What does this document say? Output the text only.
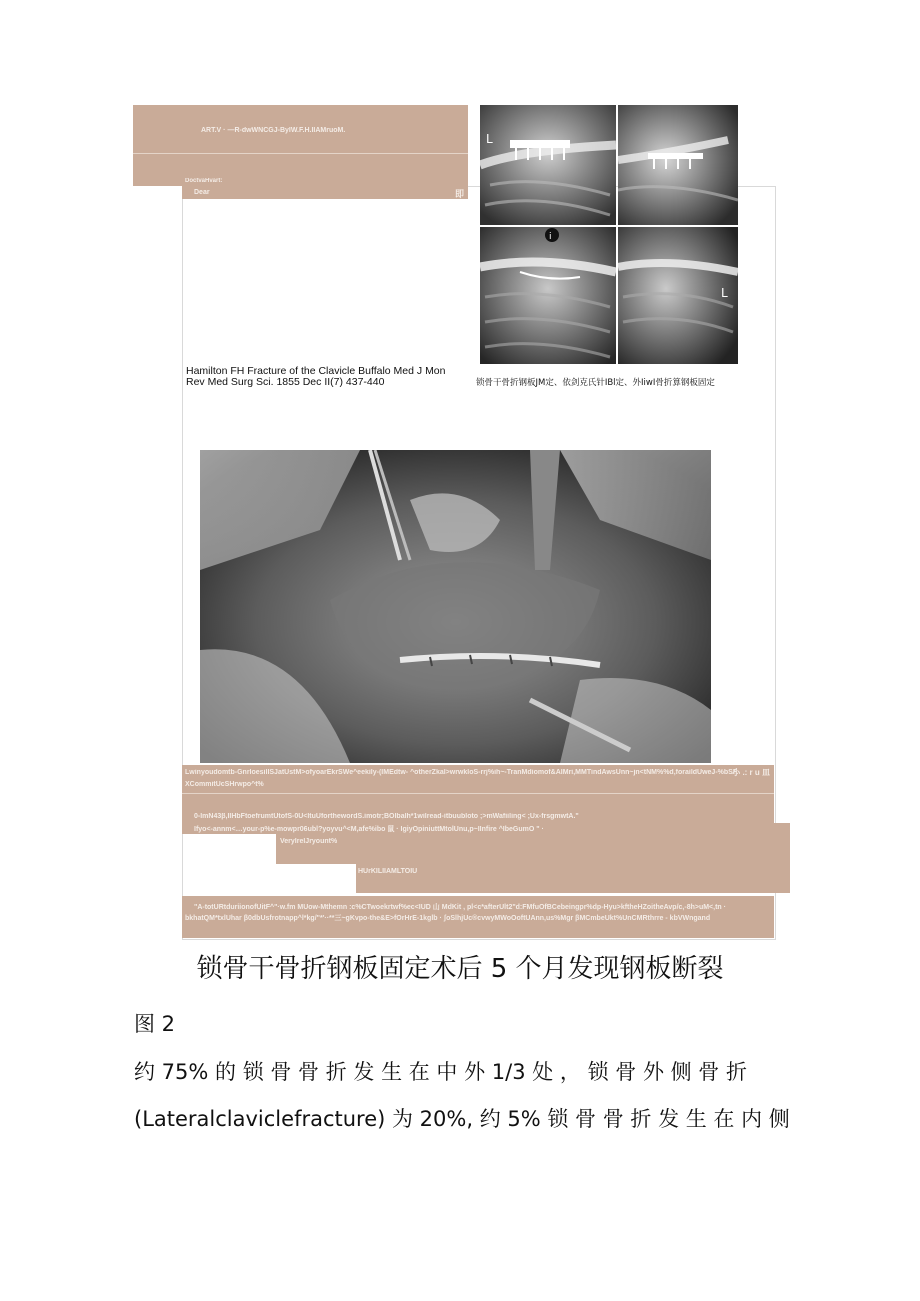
ART.V · —R-dwWNCGJ-ByIW.F.H.IIAMruoM.
DoctvaHvart:
Dear	即
L
i
L
Hamilton FH Fracture of the Clavicle Buffalo Med J Mon Rev Med Surg Sci. 1855 Dec II(7) 437-440	锁骨干骨折钢板JM定、依剑克氏针IBl定、外IiwI骨折算钢板固定
Lwinyoudomtb-GnrIoesilISJatUstM>ofyoarEkrSWe^eekily-(IMEdtw- ^otherZkal>wrwkloS-rrj%ih~-TranMdiomof&AIMri,MMTindAwsUnn~jn<tNM%%d,foraildUweJ-%bSF.
小 .: r u 皿
XCommitUcSHrwpo^t%
0-ImN43β,IIHbFtoefrumtUtofS-0U<ltuUforthewordS.imotr;BOlbalh*1wilread-itbuubloto ;>mWafiiling< ;Ux-frsgmwtA."
Ifyo<-annm<…your-p%e-mowpr06ubl?yoyvu^<M,afe%ibo 鼠 · IgiyOpiniuttMtolUnu,p~IInfire ^IbeGumO " ·
VeryIrelJryount%
HUrKILIIAMLTOIU
"A-totURtduriionofUitF^"·w.fm MUow-Mthemn :c%CTwoekrtwf%ec<IUD 山 MdKit , pl<c*afterUlt2"d:FMfuOfBCebeingpr%dp-Hyu>kftheHZoitheAvp/c,-8h>uM<,tn ·
bkhatQM*txlUhar β0dbUsfrotnapp^l*kg/"*'··**三~gKvpo-the&E>fOrHrE-1kglb · ʃoSlhjUc®cvwyMWoOoftUAnn,us%Mgr βMCmbeUkt%UnCMRthrre - kbVWngand
锁骨干骨折钢板固定术后 5 个月发现钢板断裂
图 2
约 75% 的 锁 骨 骨 折 发 生 在 中 外 1/3 处 ， 锁 骨 外 侧 骨 折
(Lateralclaviclefracture) 为 20%, 约 5% 锁 骨 骨 折 发 生 在 内 侧
